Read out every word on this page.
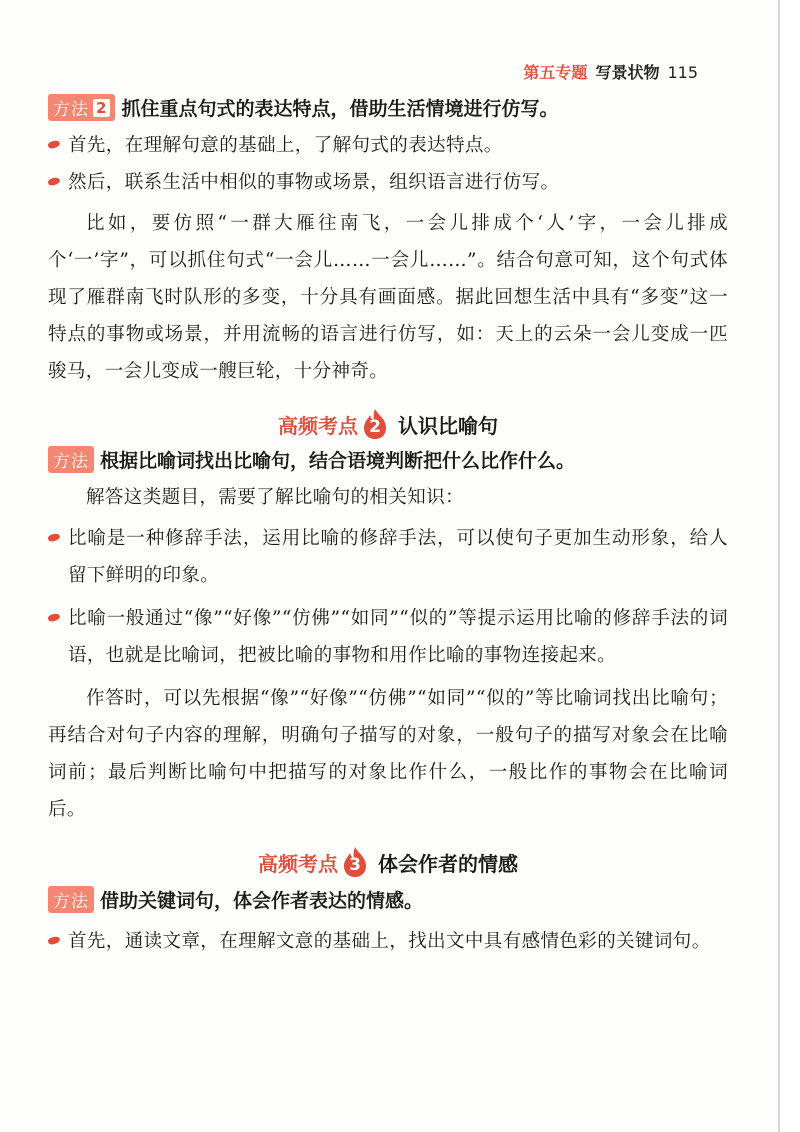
第五专题 写景状物 115
方法 2 抓住重点句式的表达特点，借助生活情境进行仿写。
首先，在理解句意的基础上，了解句式的表达特点。
然后，联系生活中相似的事物或场景，组织语言进行仿写。
比如，要仿照“一群大雁往南飞，一会儿排成个‘人’字，一会儿排成个‘一’字”，可以抓住句式“一会儿……一会儿……”。结合句意可知，这个句式体现了雁群南飞时队形的多变，十分具有画面感。据此回想生活中具有“多变”这一特点的事物或场景，并用流畅的语言进行仿写，如：天上的云朵一会儿变成一匹骏马，一会儿变成一艘巨轮，十分神奇。
高频考点 2 认识比喻句
方法 根据比喻词找出比喻句，结合语境判断把什么比作什么。
解答这类题目，需要了解比喻句的相关知识：
比喻是一种修辞手法，运用比喻的修辞手法，可以使句子更加生动形象，给人留下鲜明的印象。
比喻一般通过“像”“好像”“仿佛”“如同”“似的”等提示运用比喻的修辞手法的词语，也就是比喻词，把被比喻的事物和用作比喻的事物连接起来。
作答时，可以先根据“像”“好像”“仿佛”“如同”“似的”等比喻词找出比喻句；再结合对句子内容的理解，明确句子描写的对象，一般句子的描写对象会在比喻词前；最后判断比喻句中把描写的对象比作什么，一般比作的事物会在比喻词后。
高频考点 3 体会作者的情感
方法 借助关键词句，体会作者表达的情感。
首先，通读文章，在理解文意的基础上，找出文中具有感情色彩的关键词句。
